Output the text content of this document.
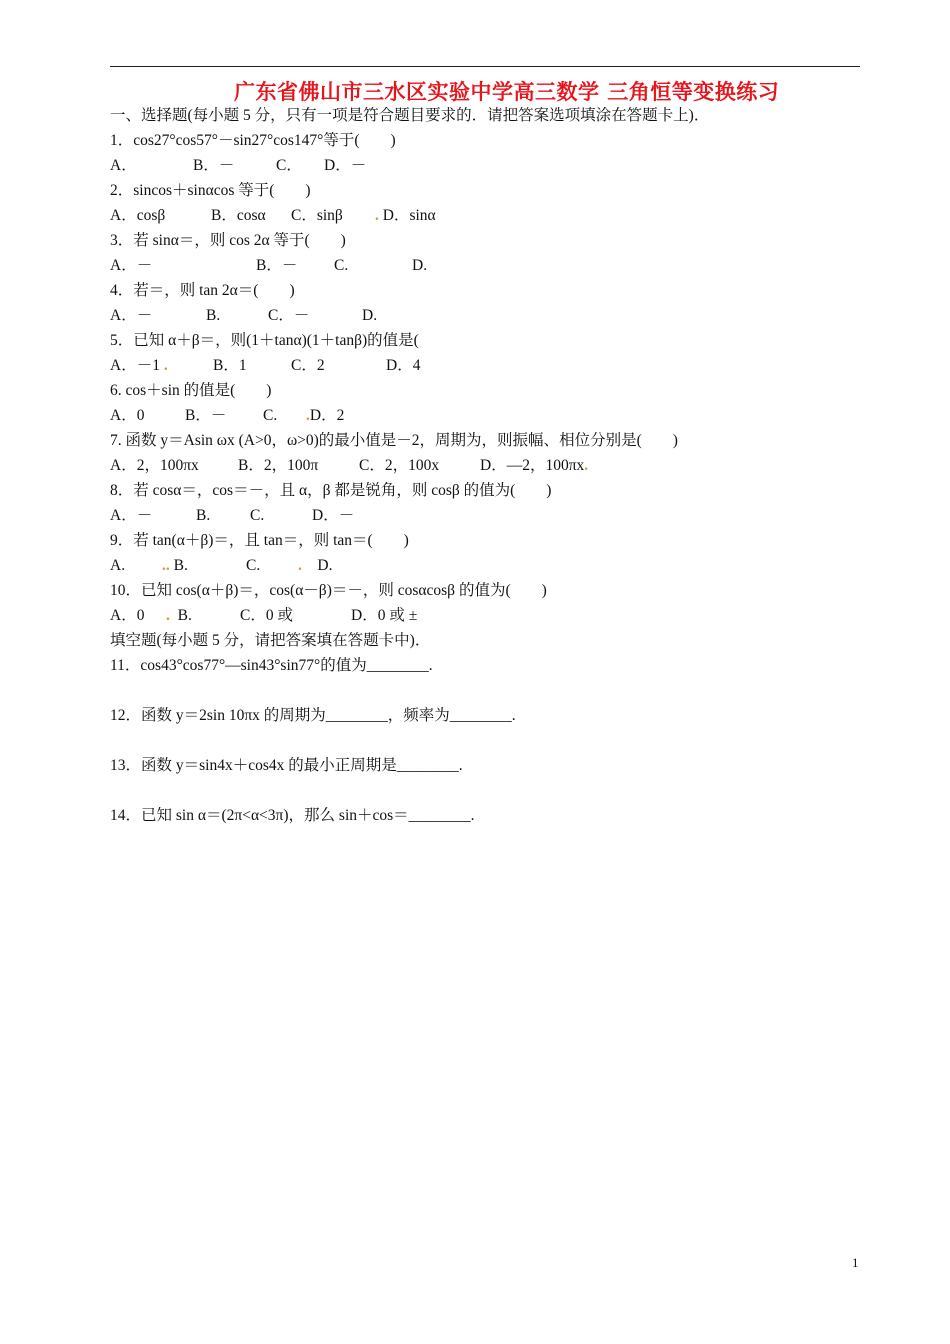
广东省佛山市三水区实验中学高三数学 三角恒等变换练习
一、选择题(每小题 5 分，只有一项是符合题目要求的．请把答案选项填涂在答题卡上)．
1．cos27°cos57°－sin27°cos147°等于(　　)
A．	B．－	C． D．－
2．sincos＋sinαcos 等于(　　)
A．cosβ	B．cosα C．sinβ . D．sinα
3．若 sinα＝，则 cos 2α 等于(　　)
A．－	B．－ C.	D.
4．若＝，则 tan 2α＝(　　)
A．－	B.	C．－	D.
5．已知 α＋β＝，则(1＋tanα)(1＋tanβ)的值是(
A．－1 .	B．1	C．2	D．4
6. cos＋sin 的值是(　　)
A．0	B．－ C. .D．2
7. 函数 y＝Asin ωx (A>0，ω>0)的最小值是－2，周期为，则振幅、相位分别是(　　)
A．2，100πx	B．2，100π	C．2，100x	D．—2，100πx.
8．若 cosα＝，cos＝－，且 α，β 都是锐角，则 cosβ 的值为(　　)
A．－	B.	C.	D．－
9．若 tan(α＋β)＝，且 tan＝，则 tan＝(　　)
A. .. B.	C. . D.
10．已知 cos(α＋β)＝，cos(α－β)＝－，则 cosαcosβ 的值为(　　)
A．0 . B.	C．0 或	D．0 或 ±
填空题(每小题 5 分，请把答案填在答题卡中)．
11．cos43°cos77°—sin43°sin77°的值为________.
12．函数 y＝2sin 10πx 的周期为________，频率为________.
13．函数 y＝sin4x＋cos4x 的最小正周期是________.
14．已知 sin α＝(2π<α<3π)，那么 sin＋cos＝________.
1
